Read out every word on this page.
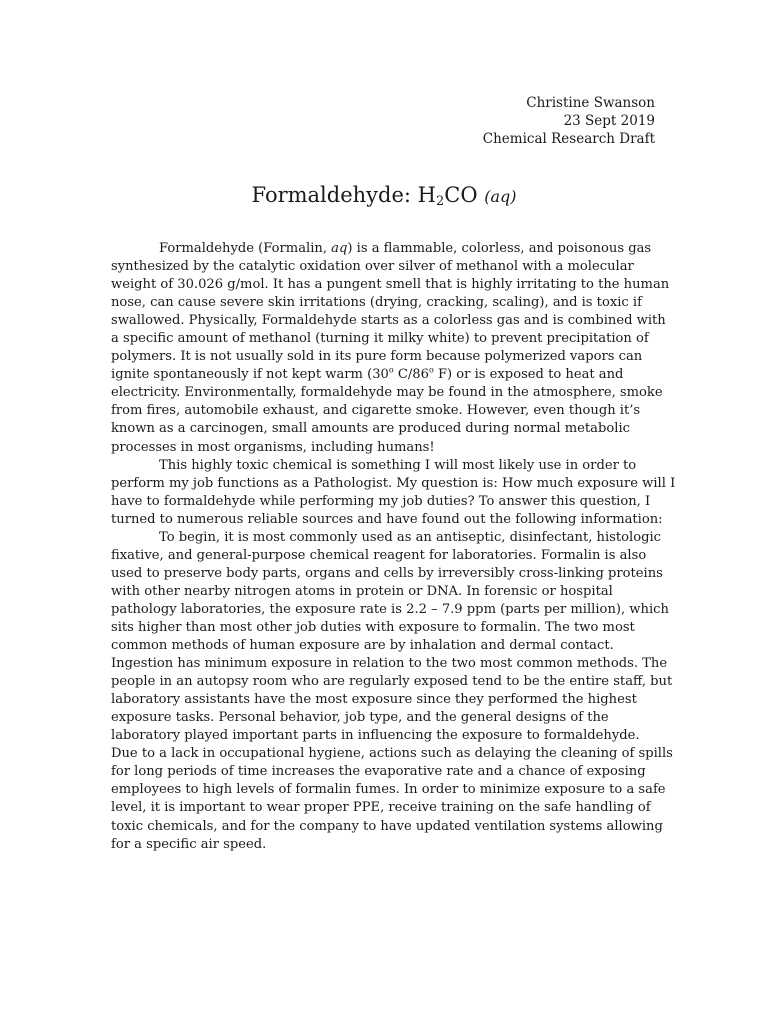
Christine Swanson
23 Sept 2019
Chemical Research Draft
Formaldehyde: $H_2CO$ (aq)

Formaldehyde (Formalin, aq) is a flammable, colorless, and poisonous gas
synthesized by the catalytic oxidation over silver of methanol with a molecular
weight of 30.026 g/mol. It has a pungent smell that is highly irritating to the human
nose, can cause severe skin irritations (drying, cracking, scaling), and is toxic if
swallowed. Physically, Formaldehyde starts as a colorless gas and is combined with
a specific amount of methanol (turning it milky white) to prevent precipitation of
polymers. It is not usually sold in its pure form because polymerized vapors can
ignite spontaneously if not kept warm (30$^o$ C/86$^o$ F) or is exposed to heat and
electricity. Environmentally, formaldehyde may be found in the atmosphere, smoke
from fires, automobile exhaust, and cigarette smoke. However, even though it’s
known as a carcinogen, small amounts are produced during normal metabolic
processes in most organisms, including humans!

This highly toxic chemical is something I will most likely use in order to
perform my job functions as a Pathologist. My question is: How much exposure will I
have to formaldehyde while performing my job duties? To answer this question, I
turned to numerous reliable sources and have found out the following information:

To begin, it is most commonly used as an antiseptic, disinfectant, histologic
fixative, and general-purpose chemical reagent for laboratories. Formalin is also
used to preserve body parts, organs and cells by irreversibly cross-linking proteins
with other nearby nitrogen atoms in protein or DNA. In forensic or hospital
pathology laboratories, the exposure rate is 2.2 – 7.9 ppm (parts per million), which
sits higher than most other job duties with exposure to formalin. The two most
common methods of human exposure are by inhalation and dermal contact.
Ingestion has minimum exposure in relation to the two most common methods. The
people in an autopsy room who are regularly exposed tend to be the entire staff, but
laboratory assistants have the most exposure since they performed the highest
exposure tasks. Personal behavior, job type, and the general designs of the
laboratory played important parts in influencing the exposure to formaldehyde.
Due to a lack in occupational hygiene, actions such as delaying the cleaning of spills
for long periods of time increases the evaporative rate and a chance of exposing
employees to high levels of formalin fumes. In order to minimize exposure to a safe
level, it is important to wear proper PPE, receive training on the safe handling of
toxic chemicals, and for the company to have updated ventilation systems allowing
for a specific air speed.
